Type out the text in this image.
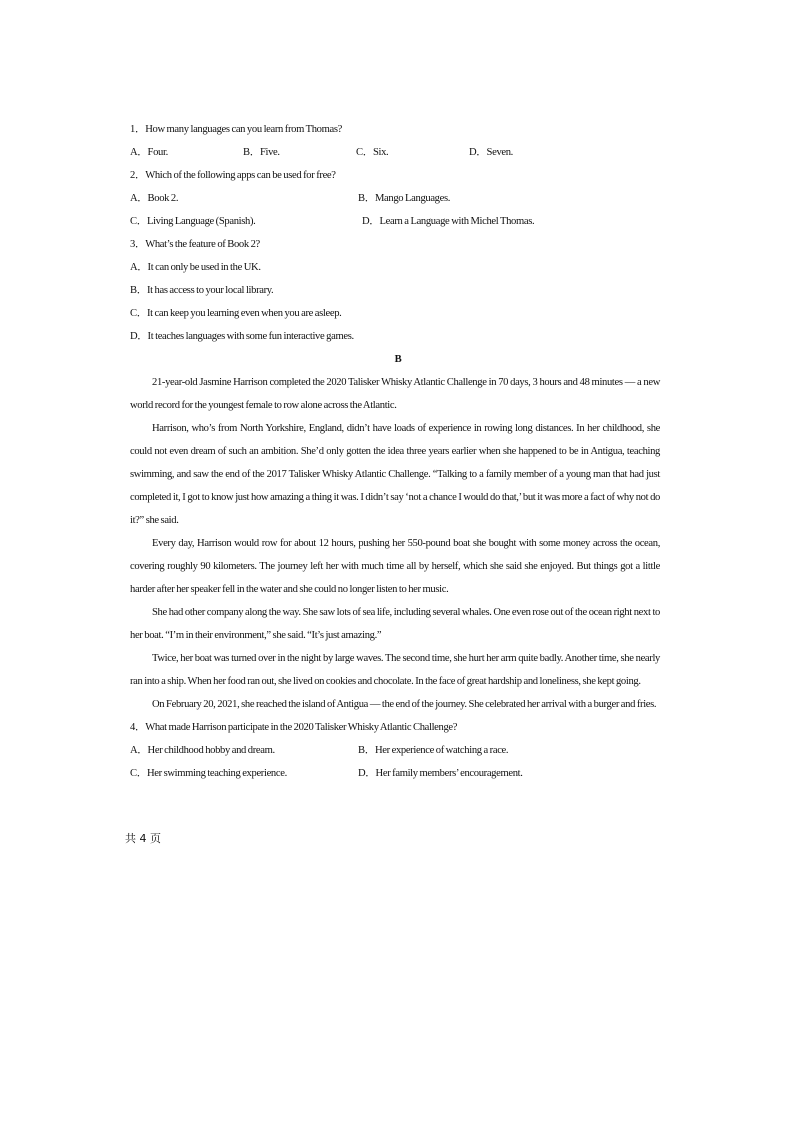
1．How many languages can you learn from Thomas?
A．Four.	B．Five.	C．Six.	D．Seven.
2．Which of the following apps can be used for free?
A．Book 2.	B．Mango Languages.
C．Living Language (Spanish).	D．Learn a Language with Michel Thomas.
3．What’s the feature of Book 2?
A．It can only be used in the UK.
B．It has access to your local library.
C．It can keep you learning even when you are asleep.
D．It teaches languages with some fun interactive games.
B

21-year-old Jasmine Harrison completed the 2020 Talisker Whisky Atlantic Challenge in 70 days, 3 hours and 48 minutes — a new world record for the youngest female to row alone across the Atlantic.

Harrison, who’s from North Yorkshire, England, didn’t have loads of experience in rowing long distances. In her childhood, she could not even dream of such an ambition. She’d only gotten the idea three years earlier when she happened to be in Antigua, teaching swimming, and saw the end of the 2017 Talisker Whisky Atlantic Challenge. “Talking to a family member of a young man that had just completed it, I got to know just how amazing a thing it was. I didn’t say ‘not a chance I would do that,’ but it was more a fact of why not do it?” she said.

Every day, Harrison would row for about 12 hours, pushing her 550-pound boat she bought with some money across the ocean, covering roughly 90 kilometers. The journey left her with much time all by herself, which she said she enjoyed. But things got a little harder after her speaker fell in the water and she could no longer listen to her music.

She had other company along the way. She saw lots of sea life, including several whales. One even rose out of the ocean right next to her boat. “I’m in their environment,” she said. “It’s just amazing.”

Twice, her boat was turned over in the night by large waves. The second time, she hurt her arm quite badly. Another time, she nearly ran into a ship. When her food ran out, she lived on cookies and chocolate. In the face of great hardship and loneliness, she kept going.

On February 20, 2021, she reached the island of Antigua — the end of the journey. She celebrated her arrival with a burger and fries.

4．What made Harrison participate in the 2020 Talisker Whisky Atlantic Challenge?
A．Her childhood hobby and dream.	B．Her experience of watching a race.
C．Her swimming teaching experience.	D．Her family members’ encouragement.
共 4 页
